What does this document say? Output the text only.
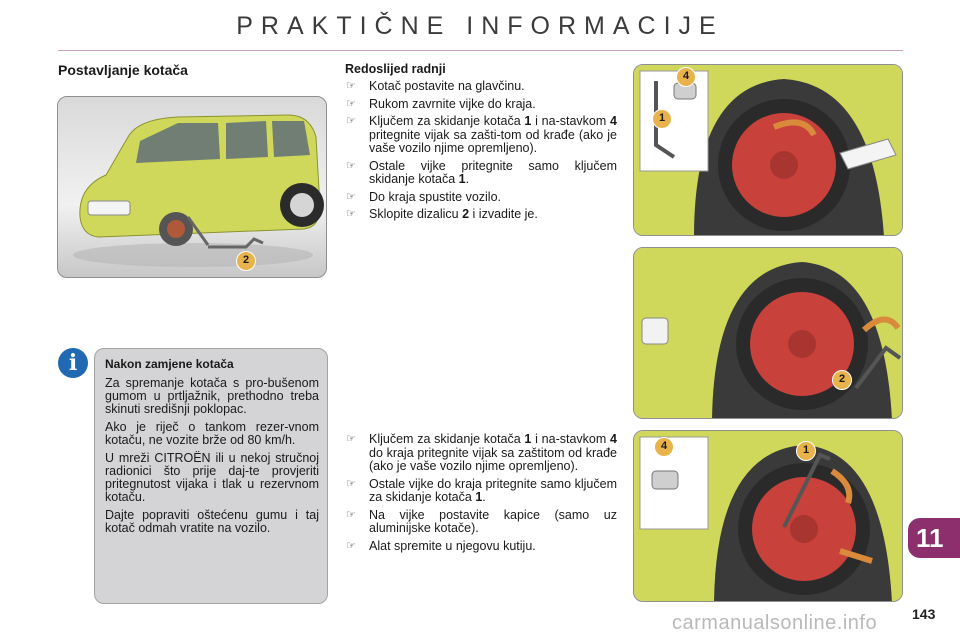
PRAKTIČNE INFORMACIJE
Postavljanje kotača
2
i	Nakon zamjene kotača

Za spremanje kotača s pro-bušenom gumom u prtljažnik, prethodno treba skinuti središnji poklopac.

Ako je riječ o tankom rezer-vnom kotaču, ne vozite brže od 80 km/h.

U mreži CITROËN ili u nekoj stručnoj radionici što prije daj-te provjeriti pritegnutost vijaka i tlak u rezervnom kotaču.

Dajte popraviti oštećenu gumu i taj kotač odmah vratite na vozilo.

Redoslijed radnji
☞ Kotač postavite na glavčinu.
☞ Rukom zavrnite vijke do kraja.
☞ Ključem za skidanje kotača 1 i na-stavkom 4 pritegnite vijak sa zašti-tom od krađe (ako je vaše vozilo njime opremljeno).
☞ Ostale vijke pritegnite samo ključem skidanje kotača 1.
☞ Do kraja spustite vozilo.
☞ Sklopite dizalicu 2 i izvadite je.
☞ Ključem za skidanje kotača 1 i na-stavkom 4 do kraja pritegnite vijak sa zaštitom od krađe (ako je vaše vozilo njime opremljeno).
☞ Ostale vijke do kraja pritegnite samo ključem za skidanje kotača 1.
☞ Na vijke postavite kapice (samo uz aluminijske kotače).
☞ Alat spremite u njegovu kutiju.
4
1
2
4	1
11
143
carmanualsonline.info
